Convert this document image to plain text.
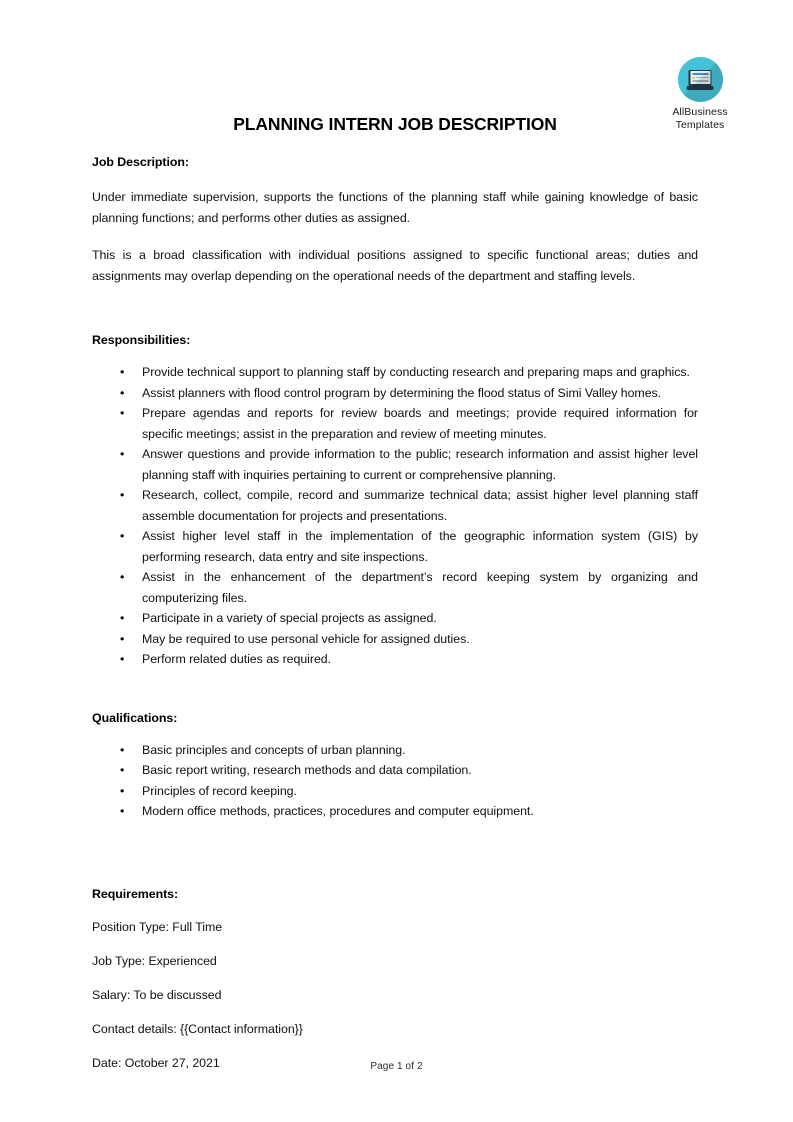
AllBusiness
Templates
PLANNING INTERN JOB DESCRIPTION
Job Description:

Under immediate supervision, supports the functions of the planning staff while gaining knowledge of basic planning functions; and performs other duties as assigned.

This is a broad classification with individual positions assigned to specific functional areas; duties and assignments may overlap depending on the operational needs of the department and staffing levels.

Responsibilities:
• Provide technical support to planning staff by conducting research and preparing maps and graphics.
• Assist planners with flood control program by determining the flood status of Simi Valley homes.
• Prepare agendas and reports for review boards and meetings; provide required information for specific meetings; assist in the preparation and review of meeting minutes.
• Answer questions and provide information to the public; research information and assist higher level planning staff with inquiries pertaining to current or comprehensive planning.
• Research, collect, compile, record and summarize technical data; assist higher level planning staff assemble documentation for projects and presentations.
• Assist higher level staff in the implementation of the geographic information system (GIS) by performing research, data entry and site inspections.
• Assist in the enhancement of the department’s record keeping system by organizing and computerizing files.
• Participate in a variety of special projects as assigned.
• May be required to use personal vehicle for assigned duties.
• Perform related duties as required.
Qualifications:
• Basic principles and concepts of urban planning.
• Basic report writing, research methods and data compilation.
• Principles of record keeping.
• Modern office methods, practices, procedures and computer equipment.
Requirements:

Position Type: Full Time

Job Type: Experienced

Salary: To be discussed

Contact details: {{Contact information}}

Date: October 27, 2021	Page 1 of 2
